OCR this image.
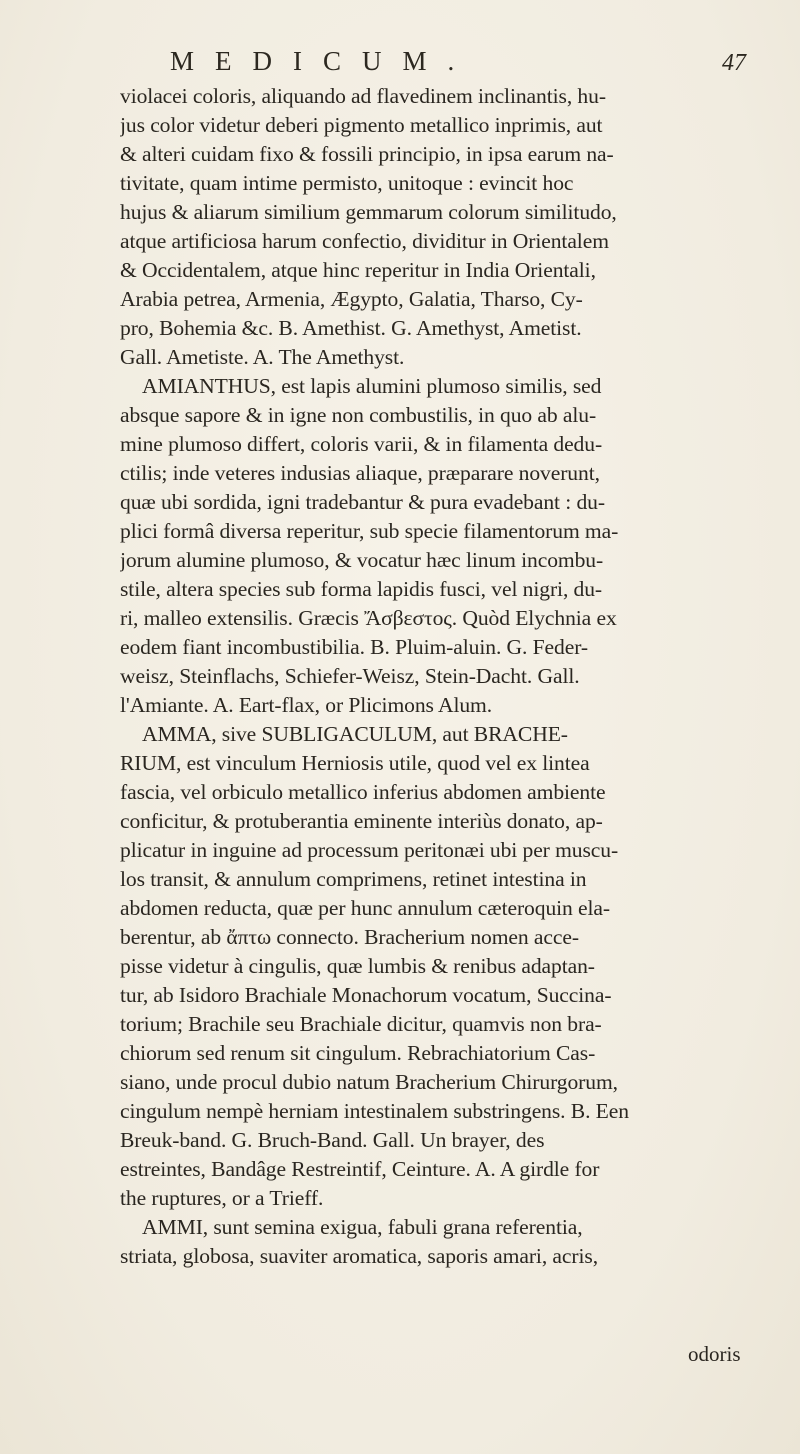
MEDICUM.	47
violacei coloris, aliquando ad flavedinem inclinantis, hu-
jus color videtur deberi pigmento metallico inprimis, aut
& alteri cuidam fixo & fossili principio, in ipsa earum na-
tivitate, quam intime permisto, unitoque : evincit hoc
hujus & aliarum similium gemmarum colorum similitudo,
atque artificiosa harum confectio, dividitur in Orientalem
& Occidentalem, atque hinc reperitur in India Orientali,
Arabia petrea, Armenia, Ægypto, Galatia, Tharso, Cy-
pro, Bohemia &c. B. Amethist. G. Amethyst, Ametist.
Gall. Ametiste. A. The Amethyst.
AMIANTHUS, est lapis alumini plumoso similis, sed
absque sapore & in igne non combustilis, in quo ab alu-
mine plumoso differt, coloris varii, & in filamenta dedu-
ctilis; inde veteres indusias aliaque, præparare noverunt,
quæ ubi sordida, igni tradebantur & pura evadebant : du-
plici formâ diversa reperitur, sub specie filamentorum ma-
jorum alumine plumoso, & vocatur hæc linum incombu-
stile, altera species sub forma lapidis fusci, vel nigri, du-
ri, malleo extensilis. Græcis Ἄσβεστος. Quòd Elychnia ex
eodem fiant incombustibilia. B. Pluim-aluin. G. Feder-
weisz, Steinflachs, Schiefer-Weisz, Stein-Dacht. Gall.
l'Amiante. A. Eart-flax, or Plicimons Alum.
AMMA, sive SUBLIGACULUM, aut BRACHE-
RIUM, est vinculum Herniosis utile, quod vel ex lintea
fascia, vel orbiculo metallico inferius abdomen ambiente
conficitur, & protuberantia eminente interiùs donato, ap-
plicatur in inguine ad processum peritonæi ubi per muscu-
los transit, & annulum comprimens, retinet intestina in
abdomen reducta, quæ per hunc annulum cæteroquin ela-
berentur, ab ἄπτω connecto. Bracherium nomen acce-
pisse videtur à cingulis, quæ lumbis & renibus adaptan-
tur, ab Isidoro Brachiale Monachorum vocatum, Succina-
torium; Brachile seu Brachiale dicitur, quamvis non bra-
chiorum sed renum sit cingulum. Rebrachiatorium Cas-
siano, unde procul dubio natum Bracherium Chirurgorum,
cingulum nempè herniam intestinalem substringens. B. Een
Breuk-band. G. Bruch-Band. Gall. Un brayer, des
estreintes, Bandâge Restreintif, Ceinture. A. A girdle for
the ruptures, or a Trieff.
AMMI, sunt semina exigua, fabuli grana referentia,
striata, globosa, suaviter aromatica, saporis amari, acris,
odoris
